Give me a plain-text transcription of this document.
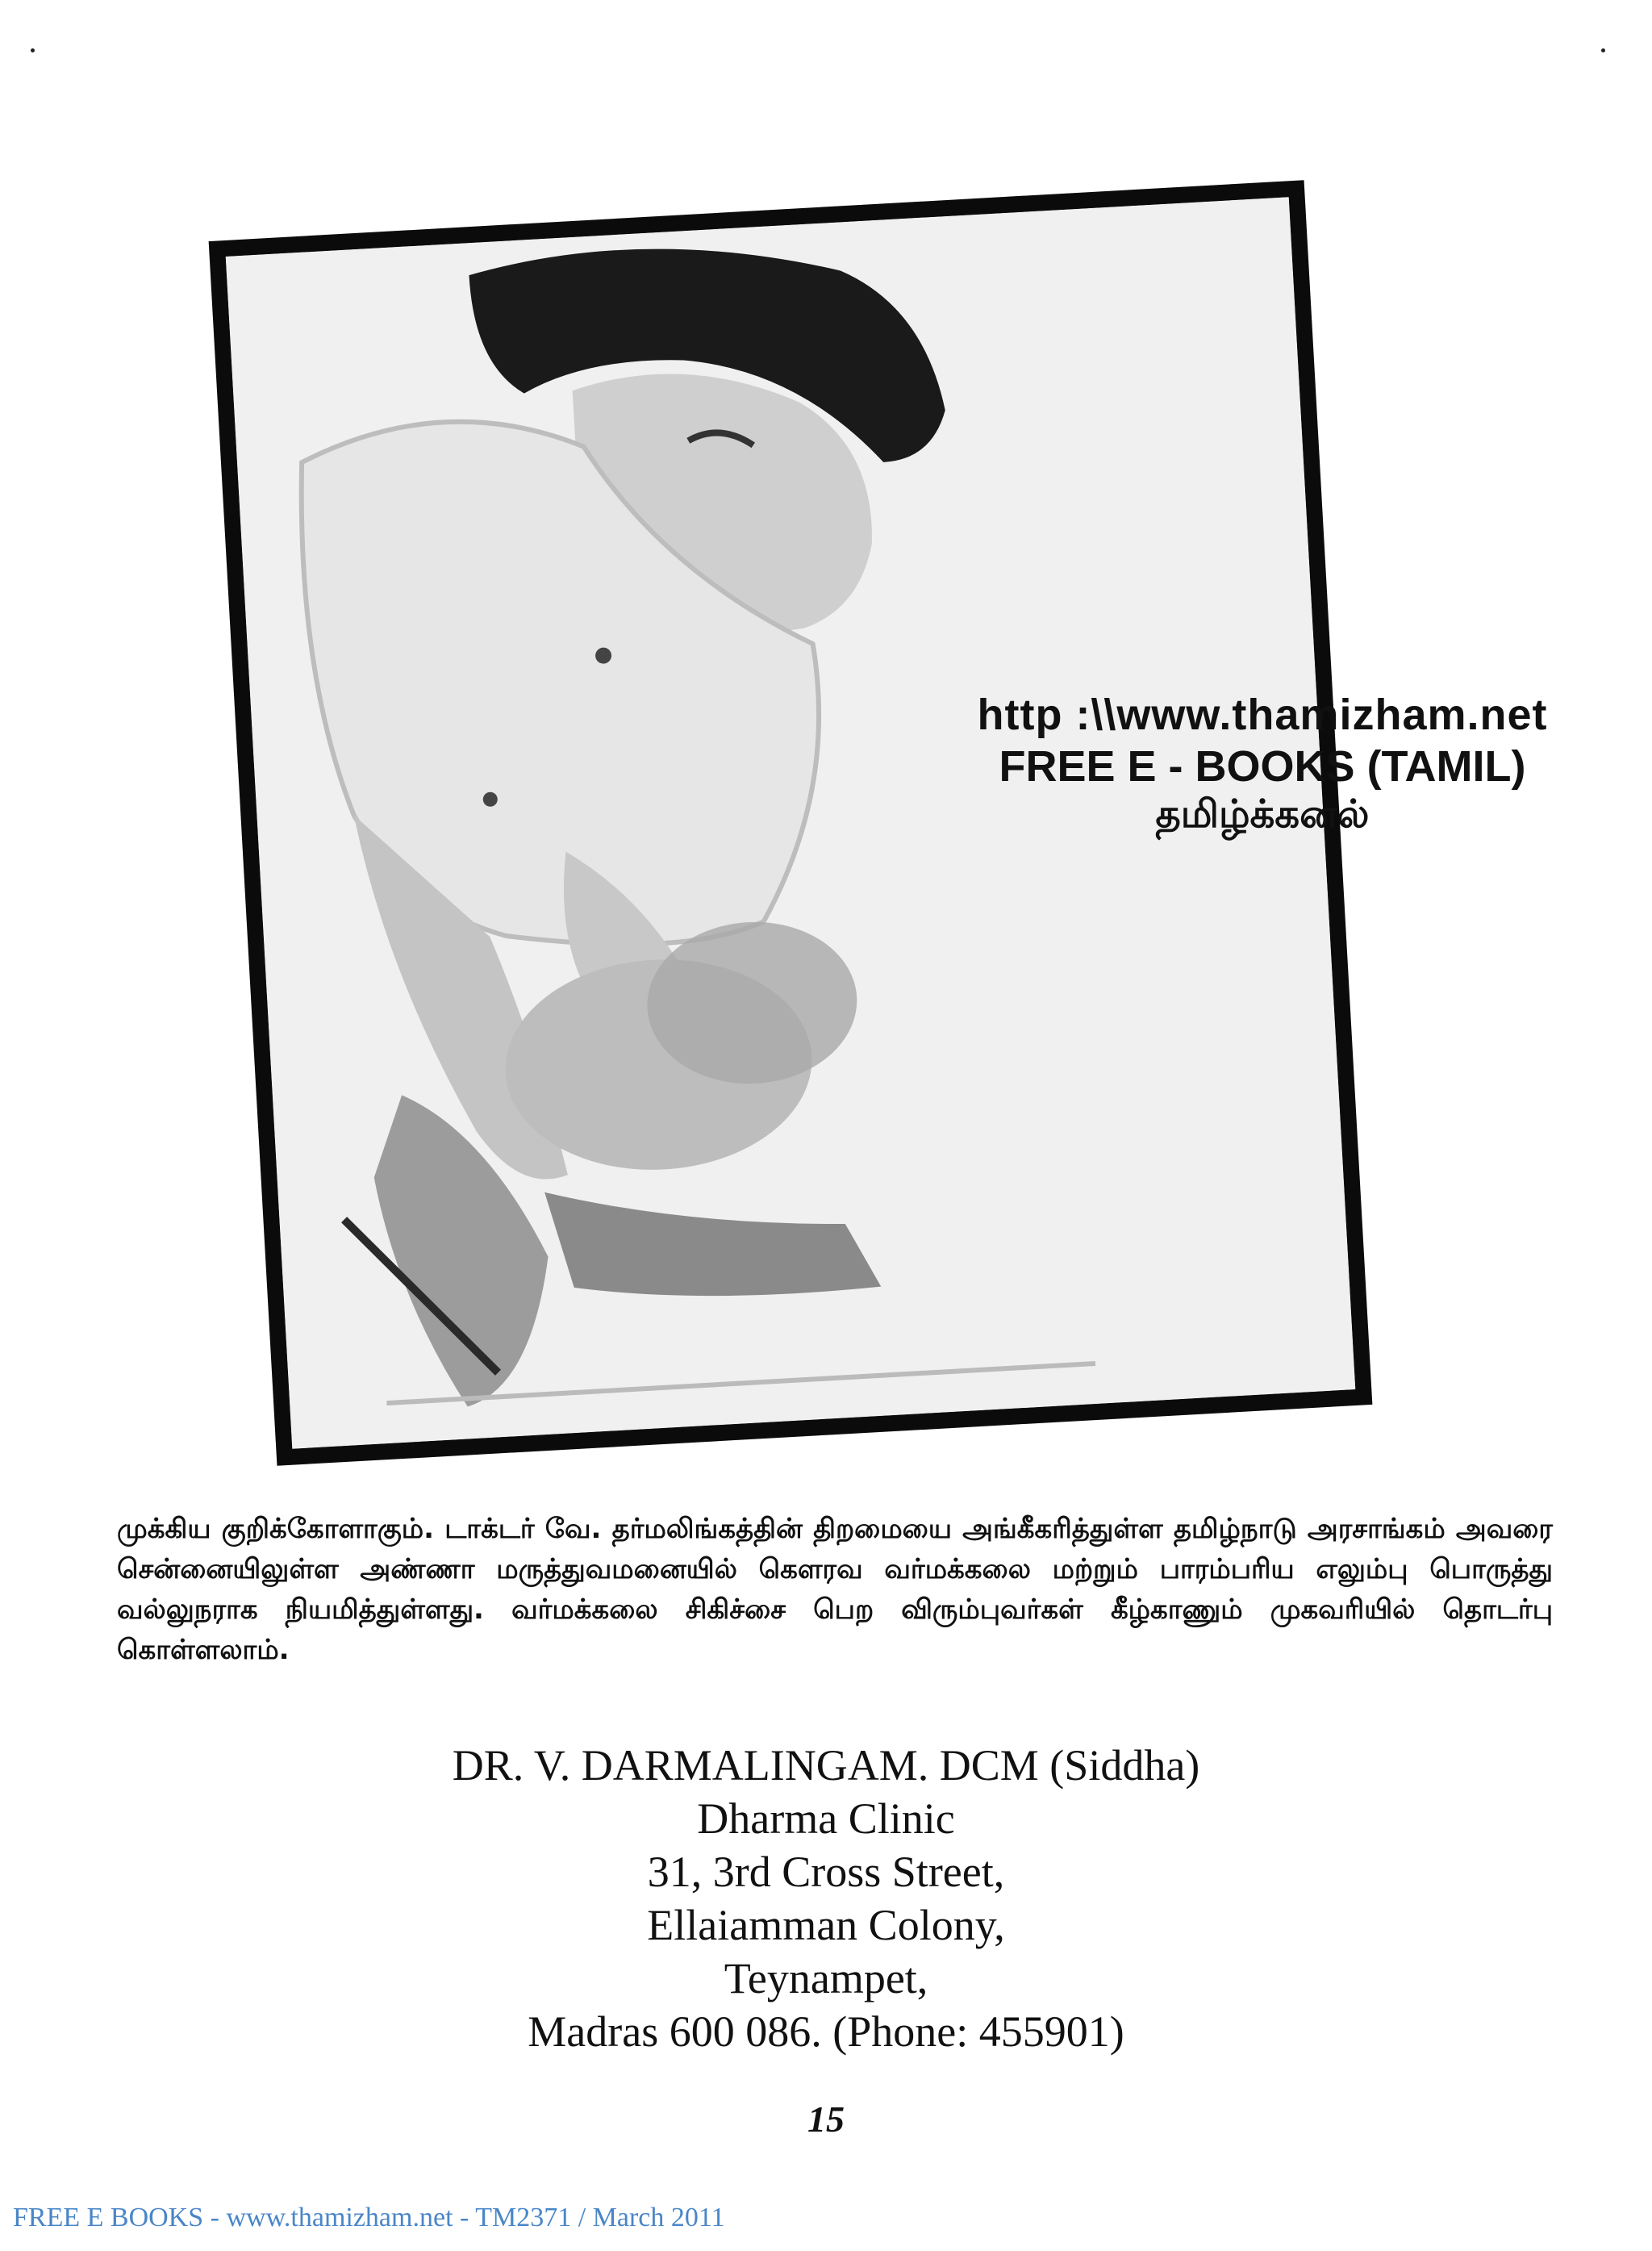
http :\\www.thamizham.net
FREE E - BOOKS (TAMIL)
தமிழ்க்கனல்
முக்கிய குறிக்கோளாகும். டாக்டர் வே. தர்மலிங்கத்தின் திறமையை அங்கீகரித்துள்ள தமிழ்நாடு அரசாங்கம் அவரை சென்னையிலுள்ள அண்ணா மருத்துவமனையில் கௌரவ வர்மக்கலை மற்றும் பாரம்பரிய எலும்பு பொருத்து வல்லுநராக நியமித்துள்ளது. வர்மக்கலை சிகிச்சை பெற விரும்புவர்கள் கீழ்காணும் முகவரியில் தொடர்பு கொள்ளலாம்.
DR. V. DARMALINGAM. DCM (Siddha)
Dharma Clinic
31, 3rd Cross Street,
Ellaiamman Colony,
Teynampet,
Madras 600 086. (Phone: 455901)
15
FREE E BOOKS - www.thamizham.net - TM2371 / March 2011
